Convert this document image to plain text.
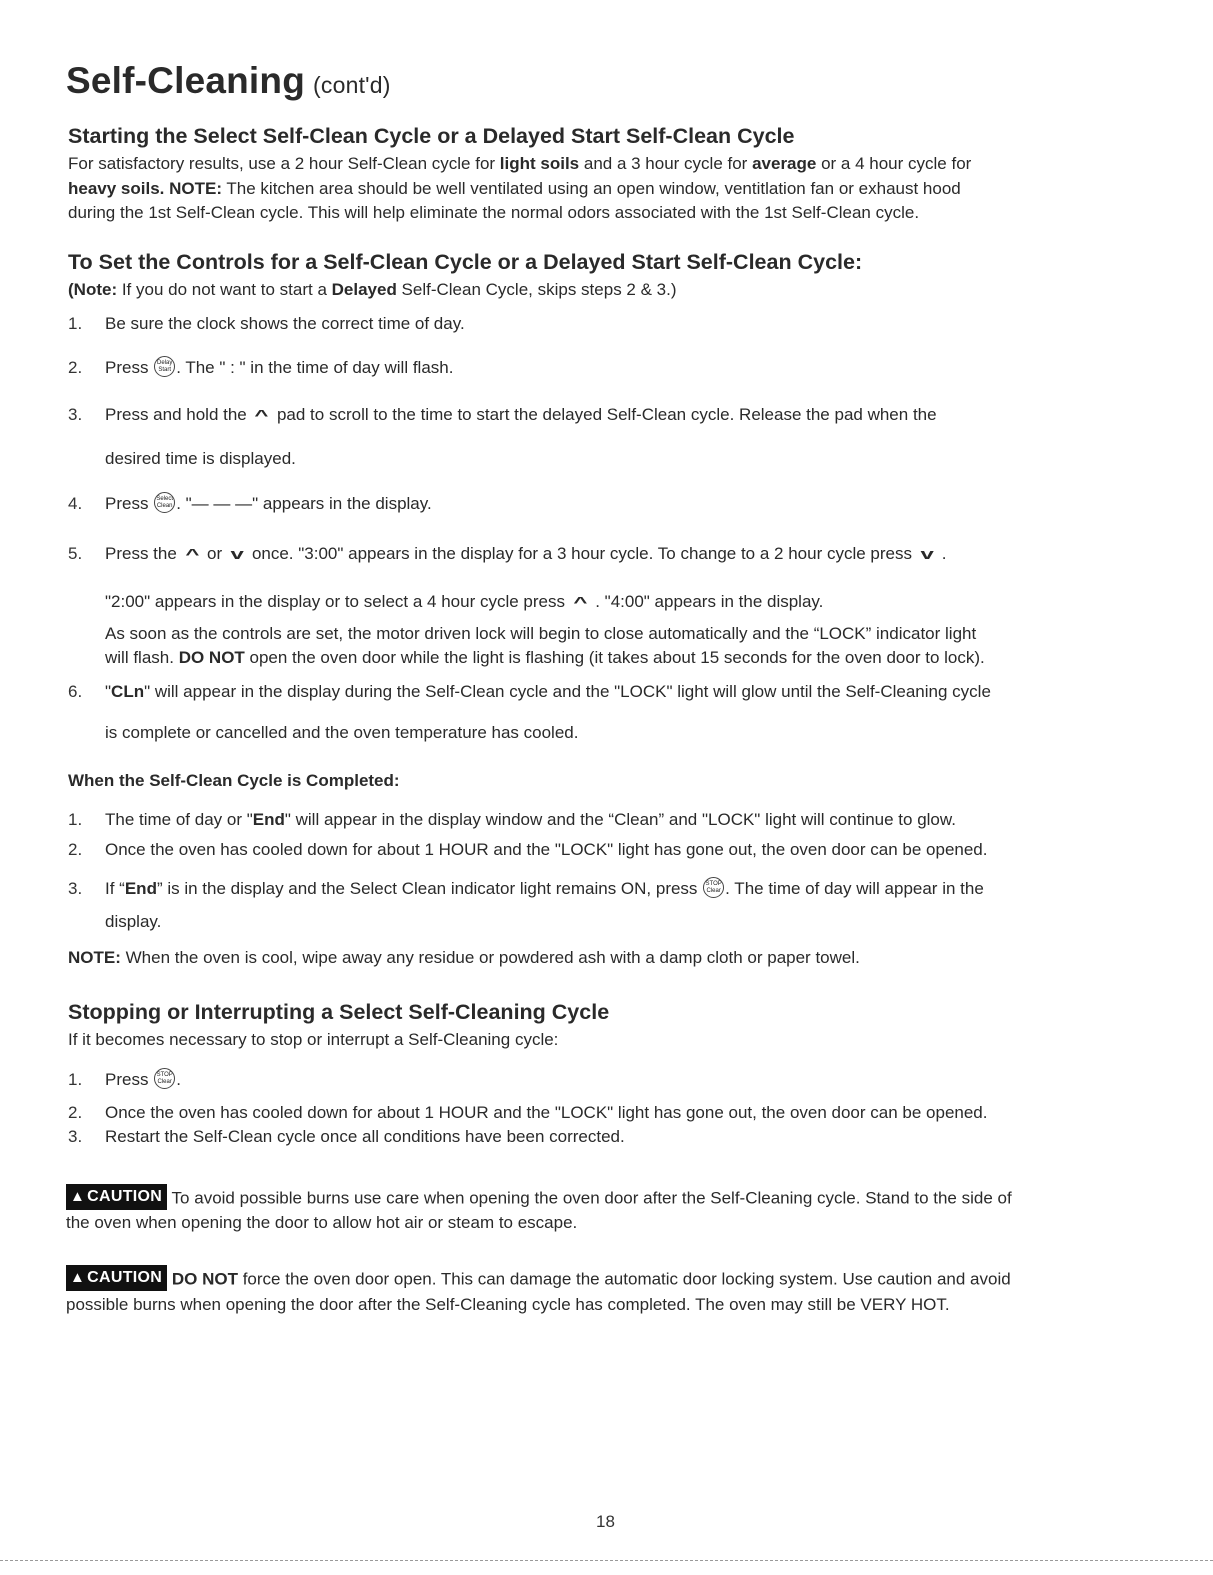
Self-Cleaning (cont'd)
Starting the Select Self-Clean Cycle or a Delayed Start Self-Clean Cycle
For satisfactory results, use a 2 hour Self-Clean cycle for light soils and a 3 hour cycle for average or a 4 hour cycle for
heavy soils. NOTE: The kitchen area should be well ventilated using an open window, ventitlation fan or exhaust hood
during the 1st Self-Clean cycle. This will help eliminate the normal odors associated with the 1st Self-Clean cycle.
To Set the Controls for a Self-Clean Cycle or a Delayed Start Self-Clean Cycle:
(Note: If you do not want to start a Delayed Self-Clean Cycle, skips steps 2 & 3.)
1. Be sure the clock shows the correct time of day.
2. Press Delay
Start . The " : " in the time of day will flash.
3. Press and hold the ^ pad to scroll to the time to start the delayed Self-Clean cycle. Release the pad when the
desired time is displayed.
4. Press Select
Clean . "— — —" appears in the display.
5. Press the ^ or v once. "3:00" appears in the display for a 3 hour cycle. To change to a 2 hour cycle press v .
"2:00" appears in the display or to select a 4 hour cycle press ^ . "4:00" appears in the display.
As soon as the controls are set, the motor driven lock will begin to close automatically and the “LOCK” indicator light
will flash. DO NOT open the oven door while the light is flashing (it takes about 15 seconds for the oven door to lock).
6. "CLn" will appear in the display during the Self-Clean cycle and the "LOCK" light will glow until the Self-Cleaning cycle
is complete or cancelled and the oven temperature has cooled.
When the Self-Clean Cycle is Completed:
1. The time of day or "End" will appear in the display window and the “Clean” and "LOCK" light will continue to glow.
2. Once the oven has cooled down for about 1 HOUR and the "LOCK" light has gone out, the oven door can be opened.
3. If “End” is in the display and the Select Clean indicator light remains ON, press STOP
Clear . The time of day will appear in the
display.
NOTE: When the oven is cool, wipe away any residue or powdered ash with a damp cloth or paper towel.
Stopping or Interrupting a Select Self-Cleaning Cycle
If it becomes necessary to stop or interrupt a Self-Cleaning cycle:
1. Press STOP
Clear .
2. Once the oven has cooled down for about 1 HOUR and the "LOCK" light has gone out, the oven door can be opened.
3. Restart the Self-Clean cycle once all conditions have been corrected.
▲ CAUTION To avoid possible burns use care when opening the oven door after the Self-Cleaning cycle. Stand to the side of
the oven when opening the door to allow hot air or steam to escape.
▲ CAUTION DO NOT force the oven door open. This can damage the automatic door locking system. Use caution and avoid
possible burns when opening the door after the Self-Cleaning cycle has completed. The oven may still be VERY HOT.
18
